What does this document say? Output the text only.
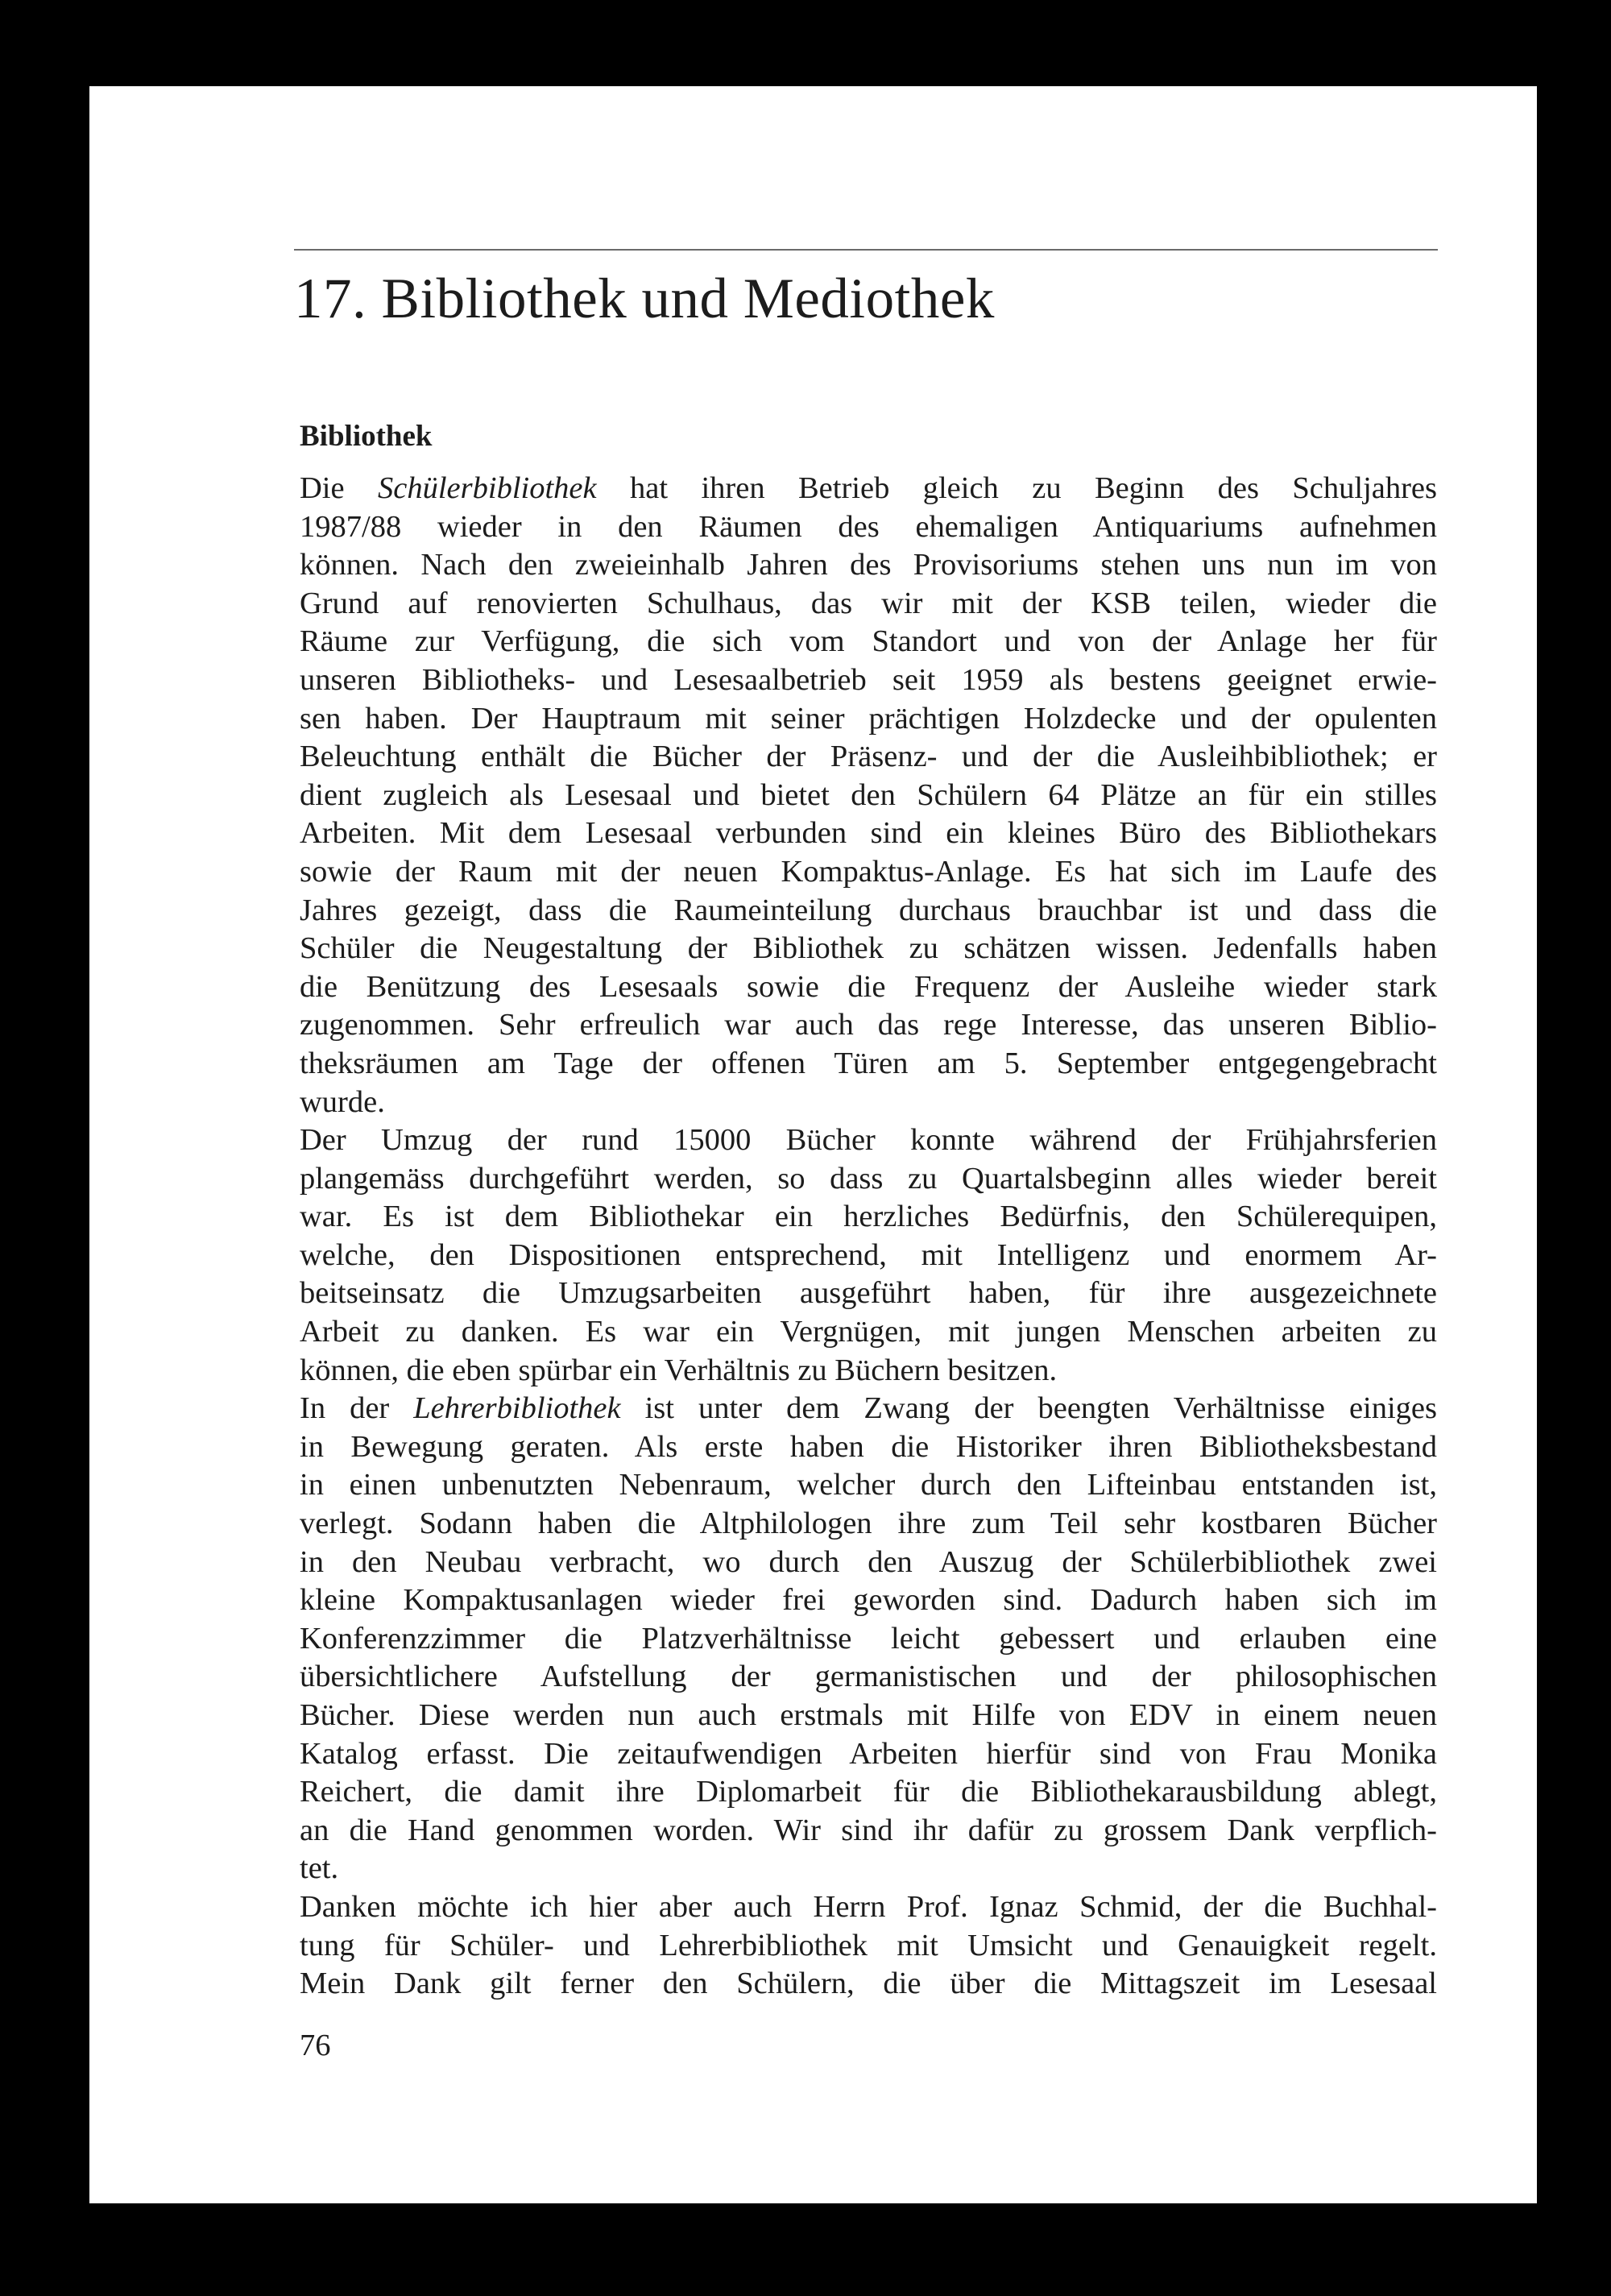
17. Bibliothek und Mediothek
Bibliothek
Die Schülerbibliothek hat ihren Betrieb gleich zu Beginn des Schuljahres
1987/88 wieder in den Räumen des ehemaligen Antiquariums aufnehmen
können. Nach den zweieinhalb Jahren des Provisoriums stehen uns nun im von
Grund auf renovierten Schulhaus, das wir mit der KSB teilen, wieder die
Räume zur Verfügung, die sich vom Standort und von der Anlage her für
unseren Bibliotheks- und Lesesaalbetrieb seit 1959 als bestens geeignet erwie-
sen haben. Der Hauptraum mit seiner prächtigen Holzdecke und der opulenten
Beleuchtung enthält die Bücher der Präsenz- und der die Ausleihbibliothek; er
dient zugleich als Lesesaal und bietet den Schülern 64 Plätze an für ein stilles
Arbeiten. Mit dem Lesesaal verbunden sind ein kleines Büro des Bibliothekars
sowie der Raum mit der neuen Kompaktus-Anlage. Es hat sich im Laufe des
Jahres gezeigt, dass die Raumeinteilung durchaus brauchbar ist und dass die
Schüler die Neugestaltung der Bibliothek zu schätzen wissen. Jedenfalls haben
die Benützung des Lesesaals sowie die Frequenz der Ausleihe wieder stark
zugenommen. Sehr erfreulich war auch das rege Interesse, das unseren Biblio-
theksräumen am Tage der offenen Türen am 5. September entgegengebracht
wurde.
Der Umzug der rund 15000 Bücher konnte während der Frühjahrsferien
plangemäss durchgeführt werden, so dass zu Quartalsbeginn alles wieder bereit
war. Es ist dem Bibliothekar ein herzliches Bedürfnis, den Schülerequipen,
welche, den Dispositionen entsprechend, mit Intelligenz und enormem Ar-
beitseinsatz die Umzugsarbeiten ausgeführt haben, für ihre ausgezeichnete
Arbeit zu danken. Es war ein Vergnügen, mit jungen Menschen arbeiten zu
können, die eben spürbar ein Verhältnis zu Büchern besitzen.
In der Lehrerbibliothek ist unter dem Zwang der beengten Verhältnisse einiges
in Bewegung geraten. Als erste haben die Historiker ihren Bibliotheksbestand
in einen unbenutzten Nebenraum, welcher durch den Lifteinbau entstanden ist,
verlegt. Sodann haben die Altphilologen ihre zum Teil sehr kostbaren Bücher
in den Neubau verbracht, wo durch den Auszug der Schülerbibliothek zwei
kleine Kompaktusanlagen wieder frei geworden sind. Dadurch haben sich im
Konferenzzimmer die Platzverhältnisse leicht gebessert und erlauben eine
übersichtlichere Aufstellung der germanistischen und der philosophischen
Bücher. Diese werden nun auch erstmals mit Hilfe von EDV in einem neuen
Katalog erfasst. Die zeitaufwendigen Arbeiten hierfür sind von Frau Monika
Reichert, die damit ihre Diplomarbeit für die Bibliothekarausbildung ablegt,
an die Hand genommen worden. Wir sind ihr dafür zu grossem Dank verpflich-
tet.
Danken möchte ich hier aber auch Herrn Prof. Ignaz Schmid, der die Buchhal-
tung für Schüler- und Lehrerbibliothek mit Umsicht und Genauigkeit regelt.
Mein Dank gilt ferner den Schülern, die über die Mittagszeit im Lesesaal

76
